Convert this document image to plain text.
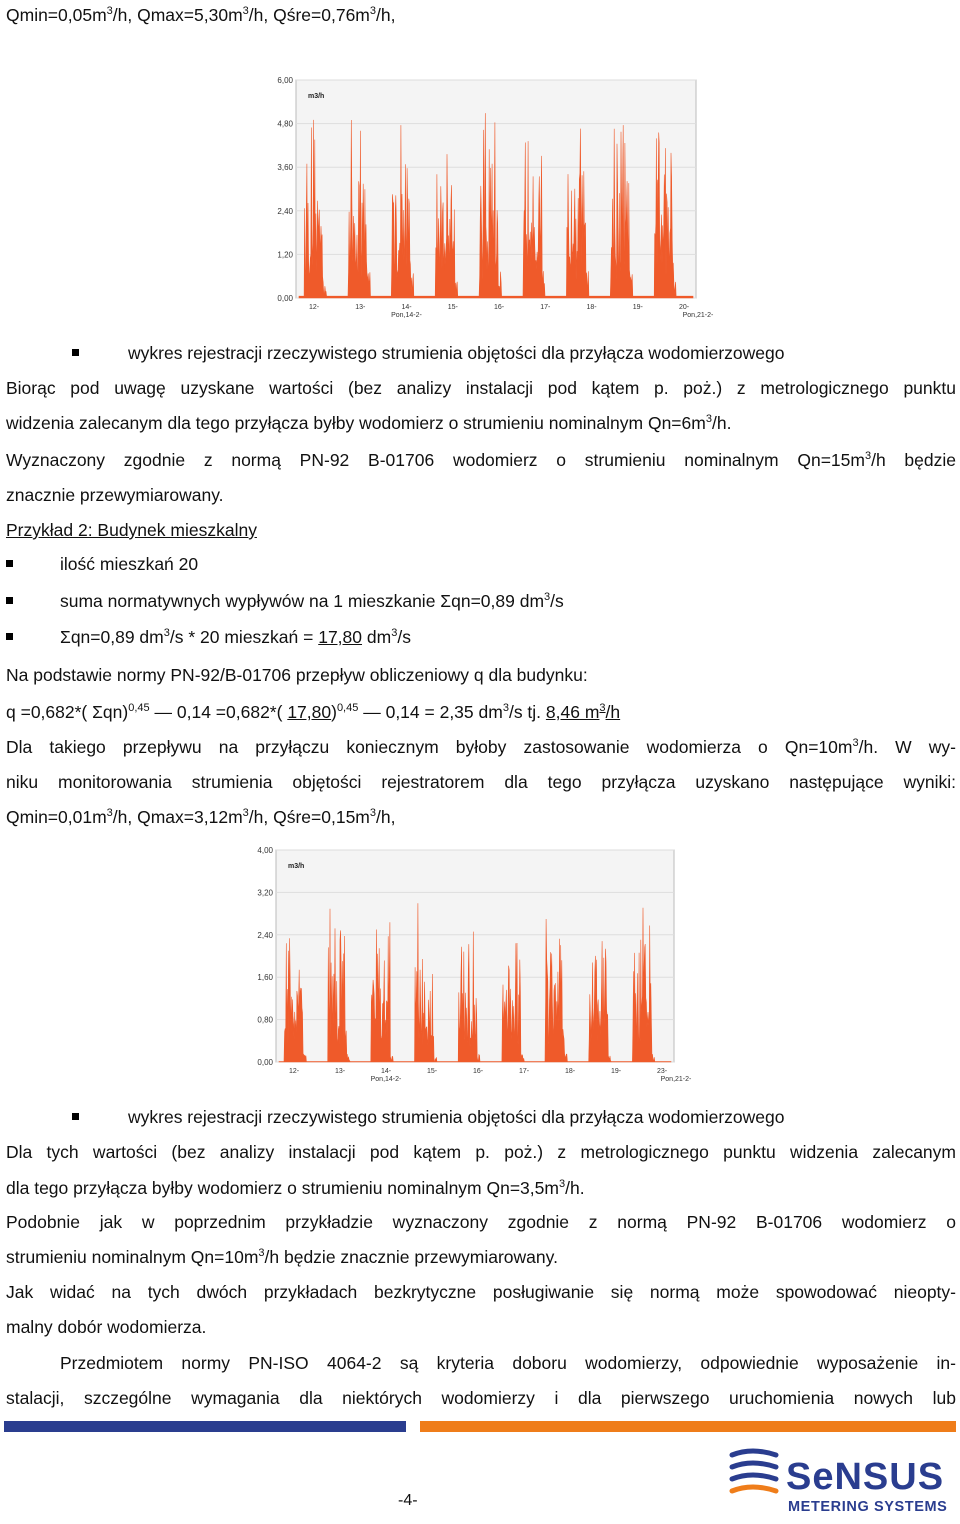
$Qmin=0,05m^3/h$, $Qmax=5,30m^3/h$, $Qśre=0,76m^3/h$,
6,00
4,80
3,60
2,40
1,20
0,00
m3/h
12-	13-	14-	15-	16-	17-	18-	19-	20-
Pon,14-2-	Pon,21-2-
wykres rejestracji rzeczywistego strumienia objętości dla przyłącza wodomierzowego
Biorąc pod uwagę uzyskane wartości (bez analizy instalacji pod kątem p. poż.) z metrologicznego punktu
widzenia zalecanym dla tego przyłącza byłby wodomierz o strumieniu nominalnym $Qn=6m^3/h$.
Wyznaczony zgodnie z normą PN-92 B-01706 wodomierz o strumieniu nominalnym $Qn=15m^3/h$ będzie
znacznie przewymiarowany.
Przykład 2: Budynek mieszkalny
ilość mieszkań 20
suma normatywnych wypływów na 1 mieszkanie Σqn=0,89 $dm^3/s$
Σqn=0,89 $dm^3/s * 20$ mieszkań = 17,80 $dm^3/s$
Na podstawie normy PN-92/B-01706 przepływ obliczeniowy q dla budynku:
q =0,682*( Σqn)$^{0,45}$ — 0,14 =0,682*( 17,80)$^{0,45}$ — 0,14 = 2,35 $dm^3/s$ tj. 8,46 $m^3/h$
Dla takiego przepływu na przyłączu koniecznym byłoby zastosowanie wodomierza o $Qn=10m^3/h$. W wy-
niku monitorowania strumienia objętości rejestratorem dla tego przyłącza uzyskano następujące wyniki:
$Qmin=0,01m^3/h$, $Qmax=3,12m^3/h$, $Qśre=0,15m^3/h$,
4,00
3,20
2,40
1,60
0,80
0,00
m3/h
12-	13-	14-	15-	16-	17-	18-	19-	23-
Pon,14-2-	Pon,21-2-
wykres rejestracji rzeczywistego strumienia objętości dla przyłącza wodomierzowego
Dla tych wartości (bez analizy instalacji pod kątem p. poż.) z metrologicznego punktu widzenia zalecanym
dla tego przyłącza byłby wodomierz o strumieniu nominalnym $Qn=3,5m^3/h$.
Podobnie jak w poprzednim przykładzie wyznaczony zgodnie z normą PN-92 B-01706 wodomierz o
strumieniu nominalnym $Qn=10m^3/h$ będzie znacznie przewymiarowany.
Jak widać na tych dwóch przykładach bezkrytyczne posługiwanie się normą może spowodować nieopty-
malny dobór wodomierza.
Przedmiotem normy PN-ISO 4064-2 są kryteria doboru wodomierzy, odpowiednie wyposażenie in-
stalacji, szczególne wymagania dla niektórych wodomierzy i dla pierwszego uruchomienia nowych lub
-4-
SeNSUS
METERING SYSTEMS
